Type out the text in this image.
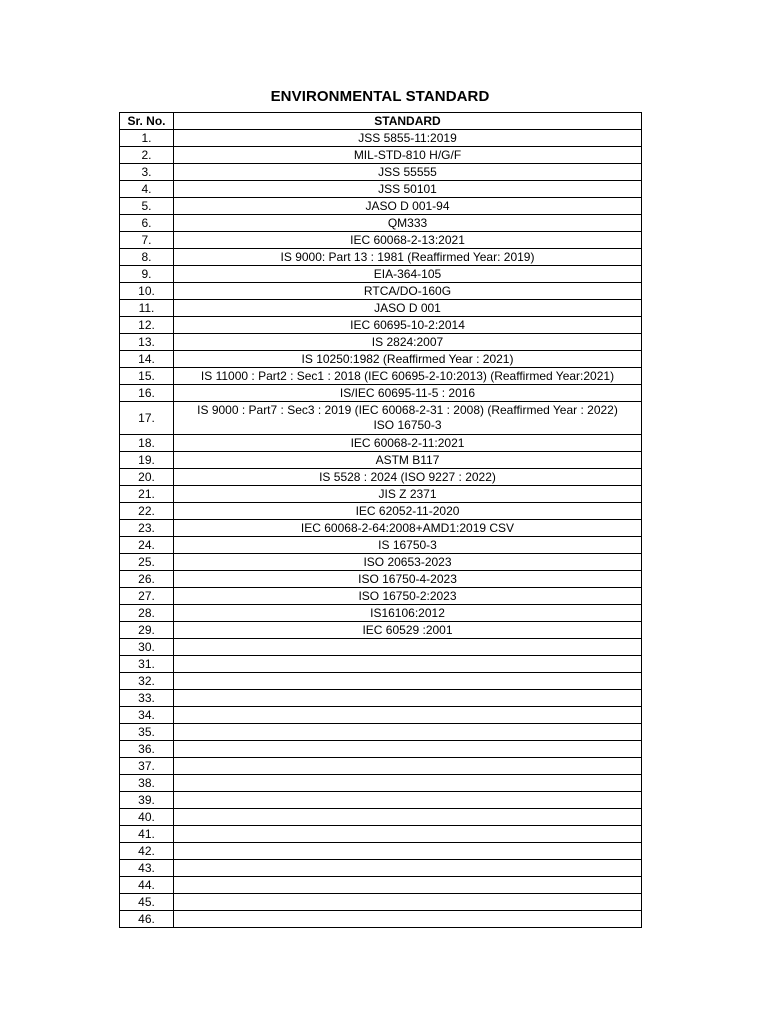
ENVIRONMENTAL STANDARD
Sr. No.	STANDARD
1.	JSS 5855-11:2019

2.	MIL-STD-810 H/G/F

3.	JSS 55555

4.	JSS 50101

5.	JASO D 001-94

6.	QM333

7.	IEC 60068-2-13:2021

8.	IS 9000: Part 13 : 1981 (Reaffirmed Year: 2019)

9.	EIA-364-105

10.	RTCA/DO-160G

11.	JASO D 001

12.	IEC 60695-10-2:2014

13.	IS 2824:2007

14.	IS 10250:1982 (Reaffirmed Year : 2021)

15.	IS 11000 : Part2 : Sec1 : 2018 (IEC 60695-2-10:2013) (Reaffirmed Year:2021)

16.	IS/IEC 60695-11-5 : 2016

17.	IS 9000 : Part7 : Sec3 : 2019 (IEC 60068-2-31 : 2008) (Reaffirmed Year : 2022)
ISO 16750-3

18.	IEC 60068-2-11:2021

19.	ASTM B117

20.	IS 5528 : 2024 (ISO 9227 : 2022)

21.	JIS Z 2371

22.	IEC 62052-11-2020

23.	IEC 60068-2-64:2008+AMD1:2019 CSV

24.	IS 16750-3

25.	ISO 20653-2023

26.	ISO 16750-4-2023

27.	ISO 16750-2:2023

28.	IS16106:2012

29.	IEC 60529 :2001

30.	
31.	
32.	
33.	
34.	
35.	
36.	
37.	
38.	
39.	
40.	
41.	
42.	
43.	
44.	
45.	
46.	
